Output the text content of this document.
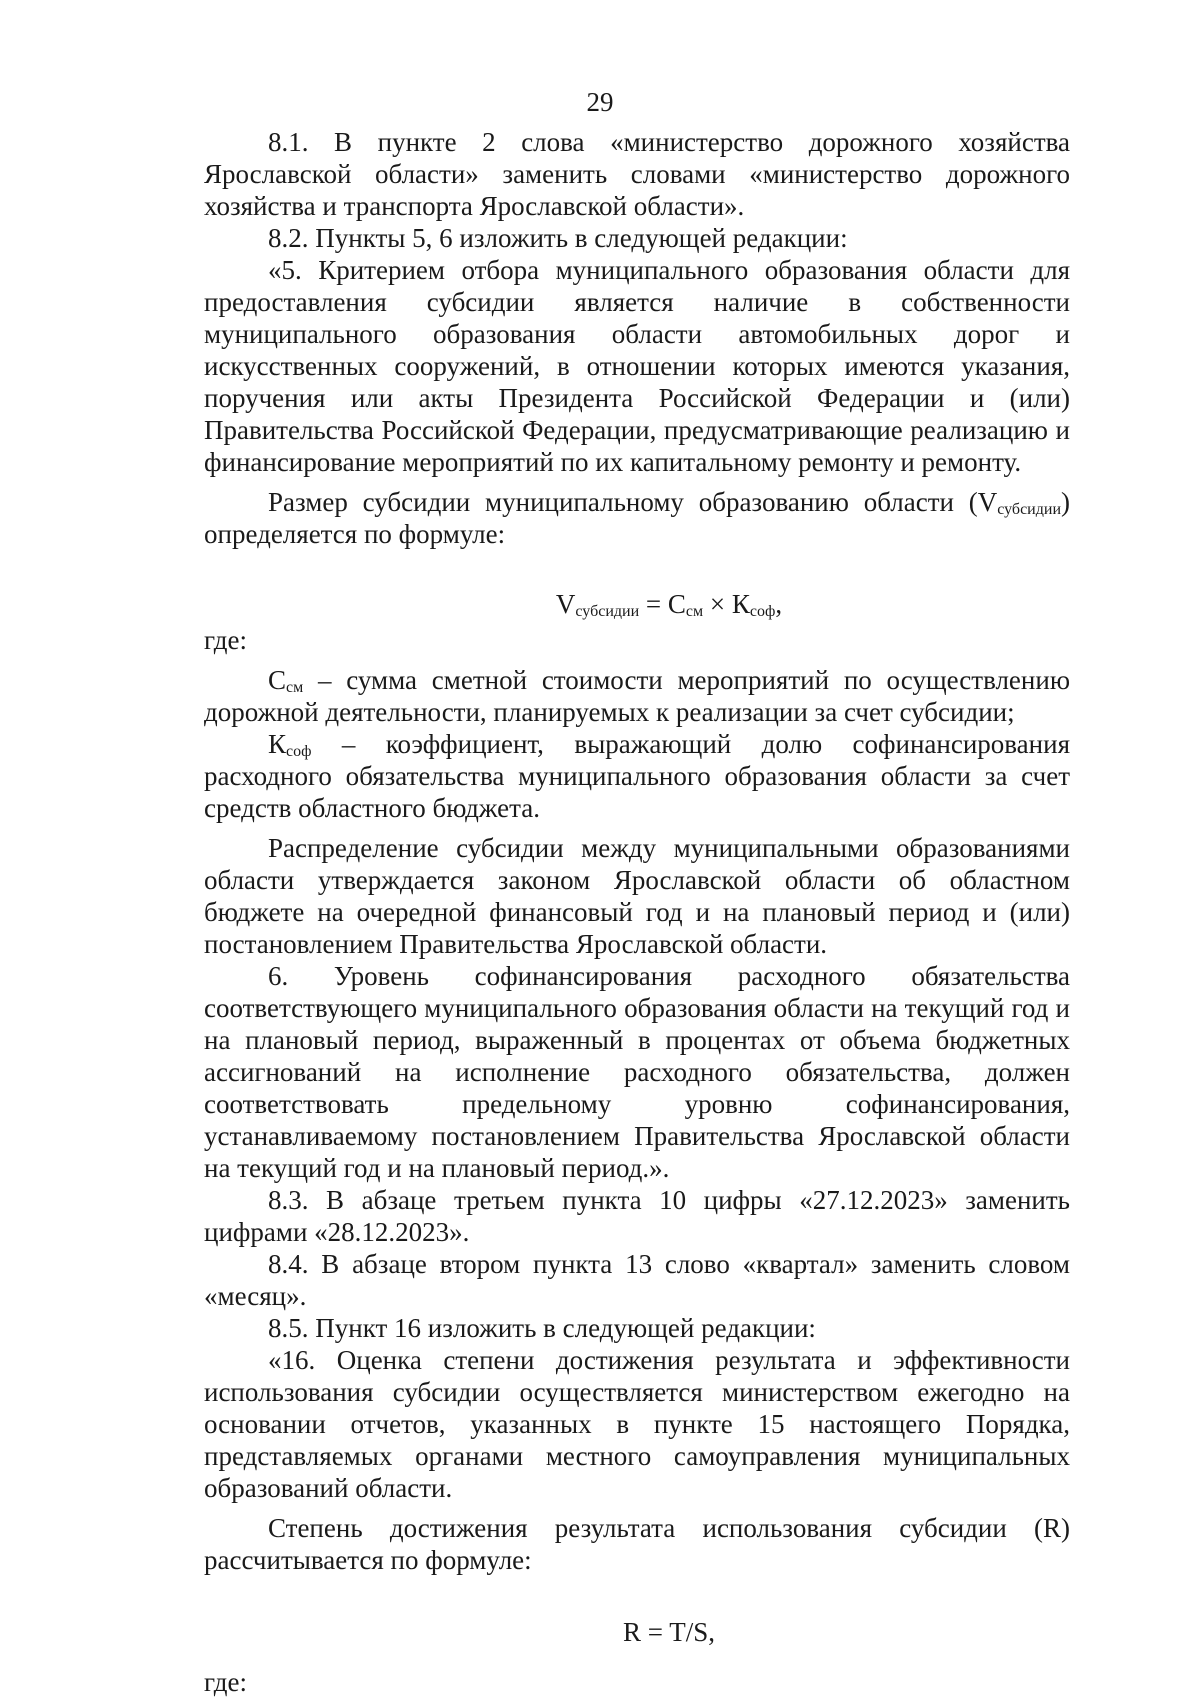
29

8.1. В пункте 2 слова «министерство дорожного хозяйства Ярославской области» заменить словами «министерство дорожного хозяйства и транспорта Ярославской области».

8.2. Пункты 5, 6 изложить в следующей редакции:

«5. Критерием отбора муниципального образования области для предоставления субсидии является наличие в собственности муниципального образования области автомобильных дорог и искусственных сооружений, в отношении которых имеются указания, поручения или акты Президента Российской Федерации и (или) Правительства Российской Федерации, предусматривающие реализацию и финансирование мероприятий по их капитальному ремонту и ремонту.

Размер субсидии муниципальному образованию области $(V_{субсидии})$ определяется по формуле:

$V_{субсидии} = С_{см} \times К_{соф}$,

где:

$С_{см}$ – сумма сметной стоимости мероприятий по осуществлению дорожной деятельности, планируемых к реализации за счет субсидии;

$К_{соф}$ – коэффициент, выражающий долю софинансирования расходного обязательства муниципального образования области за счет средств областного бюджета.

Распределение субсидии между муниципальными образованиями области утверждается законом Ярославской области об областном бюджете на очередной финансовый год и на плановый период и (или) постановлением Правительства Ярославской области.

6. Уровень софинансирования расходного обязательства соответствующего муниципального образования области на текущий год и на плановый период, выраженный в процентах от объема бюджетных ассигнований на исполнение расходного обязательства, должен соответствовать предельному уровню софинансирования, устанавливаемому постановлением Правительства Ярославской области на текущий год и на плановый период.».

8.3. В абзаце третьем пункта 10 цифры «27.12.2023» заменить цифрами «28.12.2023».

8.4. В абзаце втором пункта 13 слово «квартал» заменить словом «месяц».

8.5. Пункт 16 изложить в следующей редакции:

«16. Оценка степени достижения результата и эффективности использования субсидии осуществляется министерством ежегодно на основании отчетов, указанных в пункте 15 настоящего Порядка, представляемых органами местного самоуправления муниципальных образований области.

Степень достижения результата использования субсидии (R) рассчитывается по формуле:

R = T/S,

где:
